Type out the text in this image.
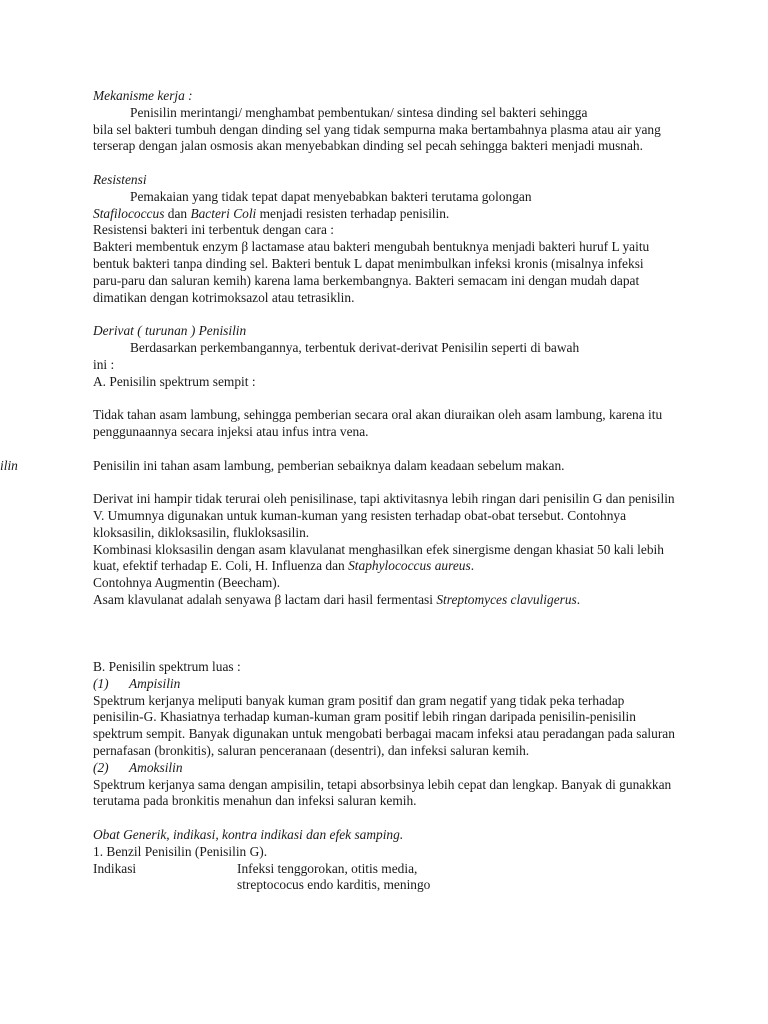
ilin

Mekanisme kerja :

Penisilin merintangi/ menghambat pembentukan/ sintesa dinding sel bakteri sehingga

bila sel bakteri tumbuh dengan dinding sel yang tidak sempurna maka bertambahnya plasma atau air yang terserap dengan jalan osmosis akan menyebabkan dinding sel pecah sehingga bakteri menjadi musnah.

Resistensi

Pemakaian yang tidak tepat dapat menyebabkan bakteri terutama golongan

Stafilococcus dan Bacteri Coli menjadi resisten terhadap penisilin.

Resistensi bakteri ini terbentuk dengan cara :

Bakteri membentuk enzym β lactamase atau bakteri mengubah bentuknya menjadi bakteri huruf L yaitu bentuk bakteri tanpa dinding sel. Bakteri bentuk L dapat menimbulkan infeksi kronis (misalnya infeksi paru-paru dan saluran kemih) karena lama berkembangnya. Bakteri semacam ini dengan mudah dapat dimatikan dengan kotrimoksazol atau tetrasiklin.

Derivat ( turunan ) Penisilin

Berdasarkan perkembangannya, terbentuk derivat-derivat Penisilin seperti di bawah

ini :

A. Penisilin spektrum sempit :

Tidak tahan asam lambung, sehingga pemberian secara oral akan diuraikan oleh asam lambung, karena itu penggunaannya secara injeksi atau infus intra vena.

Penisilin ini tahan asam lambung, pemberian sebaiknya dalam keadaan sebelum makan.

Derivat ini hampir tidak terurai oleh penisilinase, tapi aktivitasnya lebih ringan dari penisilin G dan penisilin V. Umumnya digunakan untuk kuman-kuman yang resisten terhadap obat-obat tersebut. Contohnya kloksasilin, dikloksasilin, flukloksasilin.

Kombinasi kloksasilin dengan asam klavulanat menghasilkan efek sinergisme dengan khasiat 50 kali lebih kuat, efektif terhadap E. Coli, H. Influenza dan Staphylococcus aureus.

Contohnya Augmentin (Beecham).

Asam klavulanat adalah senyawa β lactam dari hasil fermentasi Streptomyces clavuligerus.

B. Penisilin spektrum luas :

(1) Ampisilin

Spektrum kerjanya meliputi banyak kuman gram positif dan gram negatif yang tidak peka terhadap penisilin-G. Khasiatnya terhadap kuman-kuman gram positif lebih ringan daripada penisilin-penisilin spektrum sempit. Banyak digunakan untuk mengobati berbagai macam infeksi atau peradangan pada saluran pernafasan (bronkitis), saluran penceranaan (desentri), dan infeksi saluran kemih.

(2) Amoksilin

Spektrum kerjanya sama dengan ampisilin, tetapi absorbsinya lebih cepat dan lengkap. Banyak di gunakkan terutama pada bronkitis menahun dan infeksi saluran kemih.

Obat Generik, indikasi, kontra indikasi dan efek samping.

1. Benzil Penisilin (Penisilin G).

Indikasi	Infeksi tenggorokan, otitis media,
streptococus endo karditis, meningo
